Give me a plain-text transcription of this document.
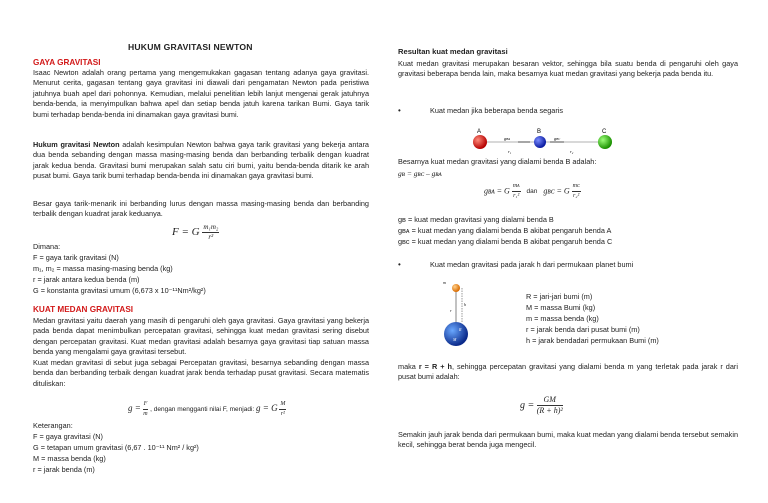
HUKUM GRAVITASI NEWTON
GAYA GRAVITASI
Isaac Newton adalah orang pertama yang mengemukakan gagasan tentang adanya gaya gravitasi. Menurut cerita, gagasan tentang gaya gravitasi ini diawali dari pengamatan Newton pada peristiwa jatuhnya buah apel dari pohonnya. Kemudian, melalui penelitian lebih lanjut mengenai gerak jatuhnya benda-benda, ia menyimpulkan bahwa apel dan setiap benda jatuh karena tarikan Bumi. Gaya tarik bumi terhadap benda-benda ini dinamakan gaya gravitasi bumi.
Hukum gravitasi Newton adalah kesimpulan Newton bahwa gaya tarik gravitasi yang bekerja antara dua benda sebanding dengan massa masing-masing benda dan berbanding terbalik dengan kuadrat jarak kedua benda. Gravitasi bumi merupakan salah satu ciri bumi, yaitu benda-benda ditarik ke arah pusat bumi. Gaya tarik bumi terhadap benda-benda ini dinamakan gaya gravitasi bumi.
Besar gaya tarik-menarik ini berbanding lurus dengan massa masing-masing benda dan berbanding terbalik dengan kuadrat jarak keduanya.
F = G $\frac{\text{m₁m₂}}{\text{r²}}$
Dimana:
F = gaya tarik gravitasi (N)
m₁, m₂ = massa masing-masing benda (kg)
r = jarak antara kedua benda (m)
G = konstanta gravitasi umum (6,673 x 10⁻¹¹Nm²/kg²)
KUAT MEDAN GRAVITASI
Medan gravitasi yaitu daerah yang masih di pengaruhi oleh gaya gravitasi. Gaya gravitasi yang bekerja pada benda dapat menimbulkan percepatan gravitasi, sehingga kuat medan gravitasi sering disebut dengan percepatan gravitasi. Kuat medan gravitasi adalah besarnya gaya gravitasi tiap satuan massa benda yang mengalami gaya gravitasi tersebut.
Kuat medan gravitasi di sebut juga sebagai Percepatan gravitasi, besarnya sebanding dengan massa benda dan berbanding terbaik dengan kuadrat jarak benda terhadap pusat gravitasi. Secara matematis dituliskan:
$g = \frac{F}{m}$ , dengan mengganti nilai F, menjadi: g = G $\frac{M}{\text{r²}}$
Keterangan:
F = gaya gravitasi (N)
G = tetapan umum gravitasi (6,67 . 10⁻¹¹ Nm² / kg²)
M = massa benda (kg)
r = jarak benda (m)
Resultan kuat medan gravitasi
Kuat medan gravitasi merupakan besaran vektor, sehingga bila suatu benda di pengaruhi oleh gaya gravitasi beberapa benda lain, maka besarnya kuat medan gravitasi yang bekerja pada benda itu.
•	Kuat medan jika beberapa benda segaris
A	B	C
gʙᴀ	gʙᴄ
r₁	r₂
Besarnya kuat medan gravitasi yang dialami benda B adalah:
gʙ = gʙᴄ – gʙᴀ
gʙᴀ = G $\frac{\text{mᴀ}}{\text{r₁²}}$ dan gʙᴄ = G $\frac{\text{mᴄ}}{\text{r₂²}}$
gʙ = kuat medan gravitasi yang dialami benda B
gʙᴀ = kuat medan yang dialami benda B akibat pengaruh benda A
gʙᴄ = kuat medan yang dialami benda B akibat pengaruh benda C
•	Kuat medan gravitasi pada jarak h dari permukaan planet bumi
m
h
r
R
M
R = jari-jari bumi (m)
M = massa Bumi (kg)
m = massa benda (kg)
r = jarak benda dari pusat bumi (m)
h = jarak bendadari permukaan Bumi (m)
maka r = R + h, sehingga percepatan gravitasi yang dialami benda m yang terletak pada jarak r dari pusat bumi adalah:
$g = \frac{GM}{\text{(R + h)²}}$
Semakin jauh jarak benda dari permukaan bumi, maka kuat medan yang dialami benda tersebut semakin kecil, sehingga berat benda juga mengecil.
